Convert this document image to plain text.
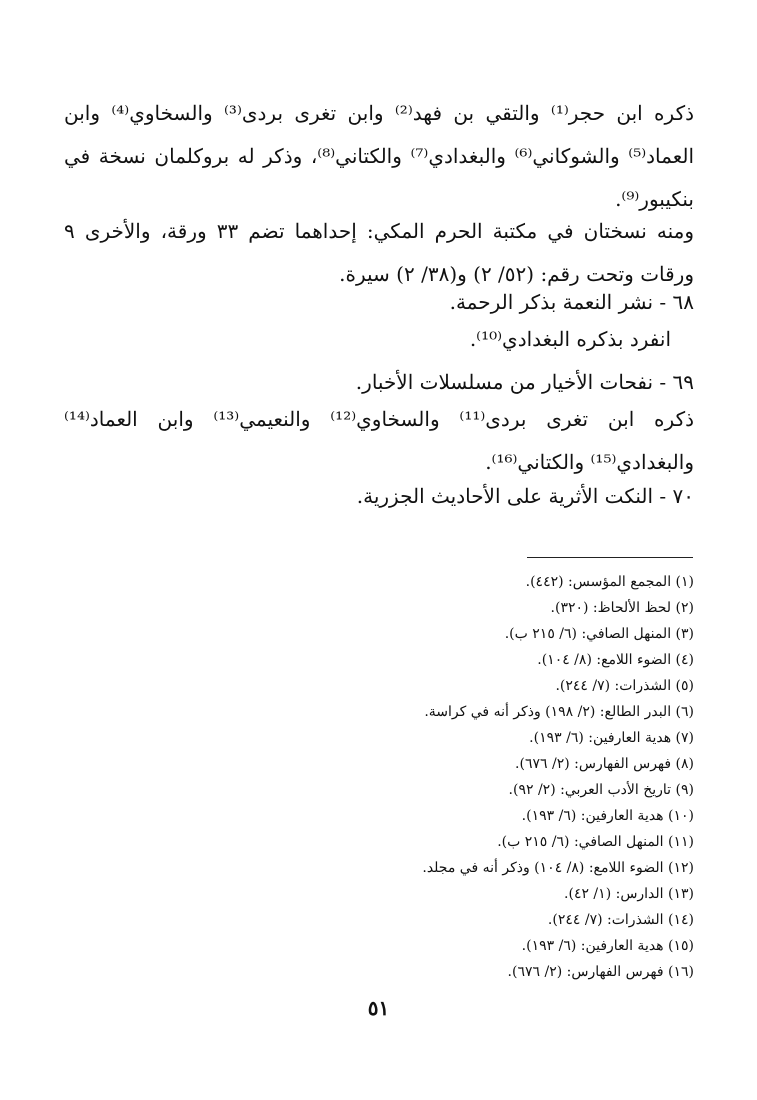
ذكره ابن حجر⁽¹⁾ والتقي بن فهد⁽²⁾ وابن تغرى بردى⁽³⁾ والسخاوي⁽⁴⁾ وابن العماد⁽⁵⁾ والشوكاني⁽⁶⁾ والبغدادي⁽⁷⁾ والكتاني⁽⁸⁾، وذكر له بروكلمان نسخة في بنكيبور⁽⁹⁾.

ومنه نسختان في مكتبة الحرم المكي: إحداهما تضم ٣٣ ورقة، والأخرى ٩ ورقات وتحت رقم: (٥٢/ ٢) و(٣٨/ ٢) سيرة.

٦٨ - نشر النعمة بذكر الرحمة.

انفرد بذكره البغدادي⁽¹⁰⁾.

٦٩ - نفحات الأخيار من مسلسلات الأخبار.

ذكره ابن تغرى بردى⁽¹¹⁾ والسخاوي⁽¹²⁾ والنعيمي⁽¹³⁾ وابن العماد⁽¹⁴⁾ والبغدادي⁽¹⁵⁾ والكتاني⁽¹⁶⁾.

٧٠ - النكت الأثرية على الأحاديث الجزرية.

(١) المجمع المؤسس: (٤٤٢).

(٢) لحظ الألحاظ: (٣٢٠).

(٣) المنهل الصافي: (٦/ ٢١٥ ب).

(٤) الضوء اللامع: (٨/ ١٠٤).

(٥) الشذرات: (٧/ ٢٤٤).

(٦) البدر الطالع: (٢/ ١٩٨) وذكر أنه في كراسة.

(٧) هدية العارفين: (٦/ ١٩٣).

(٨) فهرس الفهارس: (٢/ ٦٧٦).

(٩) تاريخ الأدب العربي: (٢/ ٩٢).

(١٠) هدية العارفين: (٦/ ١٩٣).

(١١) المنهل الصافي: (٦/ ٢١٥ ب).

(١٢) الضوء اللامع: (٨/ ١٠٤) وذكر أنه في مجلد.

(١٣) الدارس: (١/ ٤٢).

(١٤) الشذرات: (٧/ ٢٤٤).

(١٥) هدية العارفين: (٦/ ١٩٣).

(١٦) فهرس الفهارس: (٢/ ٦٧٦).

٥١
